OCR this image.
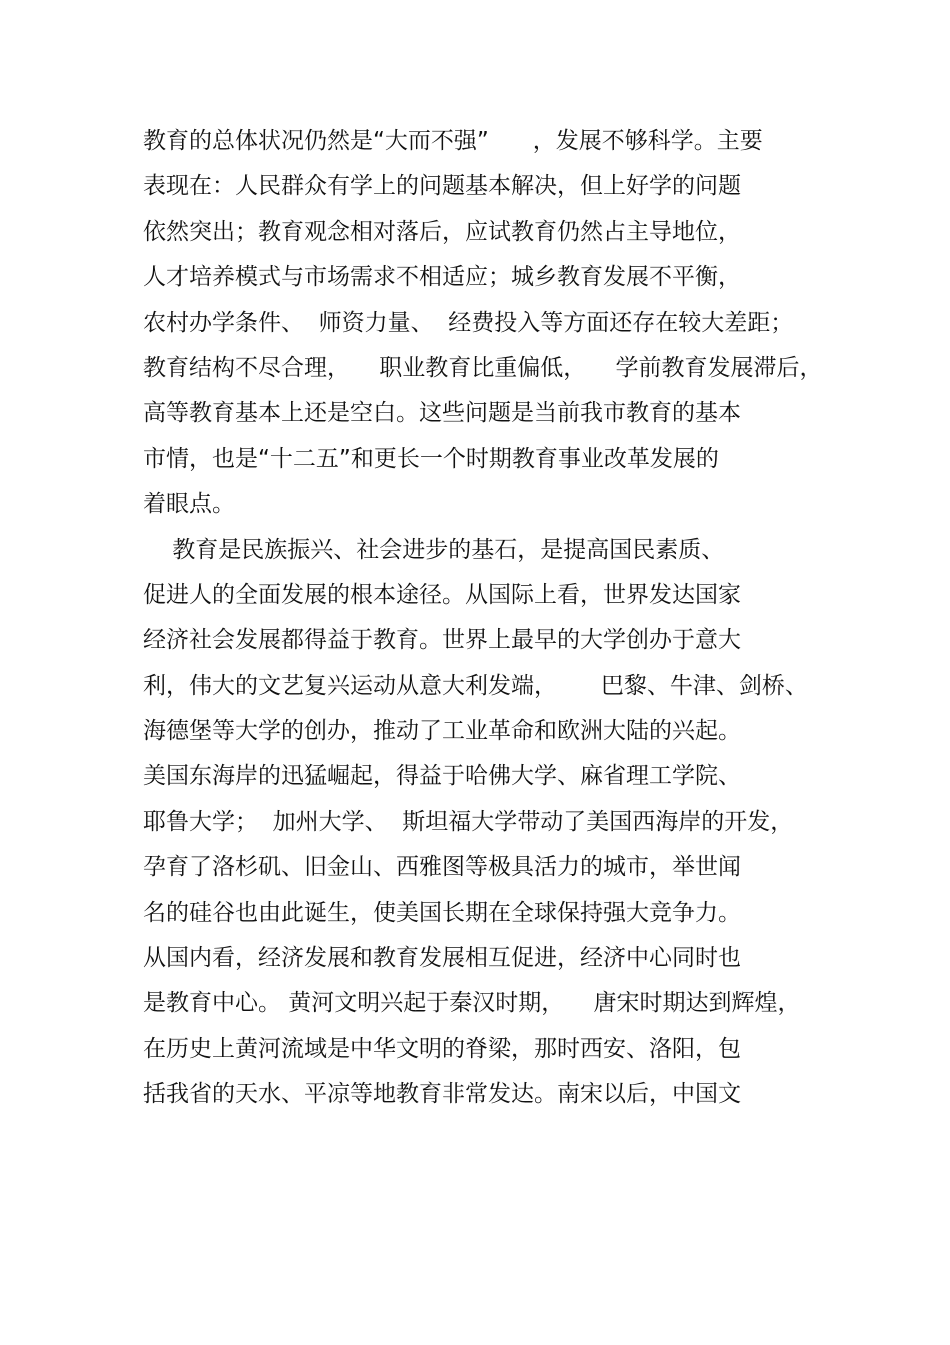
教育的总体状况仍然是“大而不强”      ，发展不够科学。主要
表现在：人民群众有学上的问题基本解决，但上好学的问题
依然突出；教育观念相对落后，应试教育仍然占主导地位，
人才培养模式与市场需求不相适应；城乡教育发展不平衡，
农村办学条件、  师资力量、  经费投入等方面还存在较大差距；
教育结构不尽合理，    职业教育比重偏低，    学前教育发展滞后，
高等教育基本上还是空白。这些问题是当前我市教育的基本
市情，也是“十二五”和更长一个时期教育事业改革发展的
着眼点。
教育是民族振兴、社会进步的基石，是提高国民素质、
促进人的全面发展的根本途径。从国际上看，世界发达国家
经济社会发展都得益于教育。世界上最早的大学创办于意大
利，伟大的文艺复兴运动从意大利发端，      巴黎、牛津、剑桥、
海德堡等大学的创办，推动了工业革命和欧洲大陆的兴起。
美国东海岸的迅猛崛起，得益于哈佛大学、麻省理工学院、
耶鲁大学；  加州大学、  斯坦福大学带动了美国西海岸的开发，
孕育了洛杉矶、旧金山、西雅图等极具活力的城市，举世闻
名的硅谷也由此诞生，使美国长期在全球保持强大竞争力。
从国内看，经济发展和教育发展相互促进，经济中心同时也
是教育中心。 黄河文明兴起于秦汉时期，    唐宋时期达到辉煌，
在历史上黄河流域是中华文明的脊梁，那时西安、洛阳，包
括我省的天水、平凉等地教育非常发达。南宋以后，中国文
